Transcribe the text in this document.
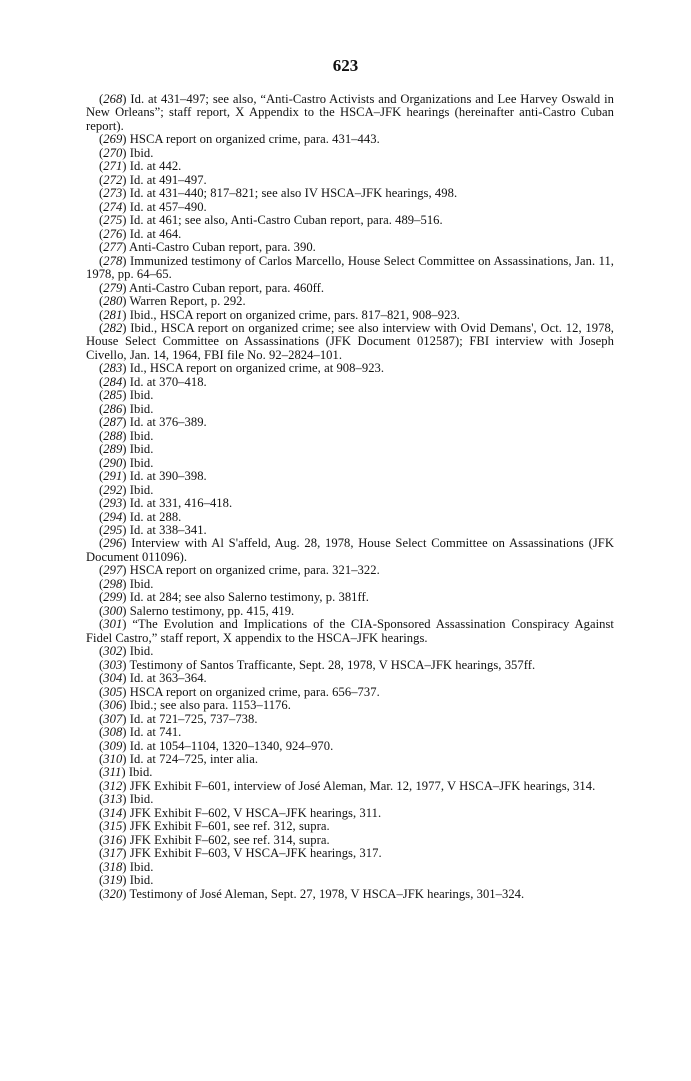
623

(268) Id. at 431–497; see also, “Anti-Castro Activists and Organizations and Lee Harvey Oswald in New Orleans”; staff report, X Appendix to the HSCA–JFK hearings (hereinafter anti-Castro Cuban report).

(269) HSCA report on organized crime, para. 431–443.

(270) Ibid.

(271) Id. at 442.

(272) Id. at 491–497.

(273) Id. at 431–440; 817–821; see also IV HSCA–JFK hearings, 498.

(274) Id. at 457–490.

(275) Id. at 461; see also, Anti-Castro Cuban report, para. 489–516.

(276) Id. at 464.

(277) Anti-Castro Cuban report, para. 390.

(278) Immunized testimony of Carlos Marcello, House Select Committee on Assassinations, Jan. 11, 1978, pp. 64–65.

(279) Anti-Castro Cuban report, para. 460ff.

(280) Warren Report, p. 292.

(281) Ibid., HSCA report on organized crime, pars. 817–821, 908–923.

(282) Ibid., HSCA report on organized crime; see also interview with Ovid Demans', Oct. 12, 1978, House Select Committee on Assassinations (JFK Document 012587); FBI interview with Joseph Civello, Jan. 14, 1964, FBI file No. 92–2824–101.

(283) Id., HSCA report on organized crime, at 908–923.

(284) Id. at 370–418.

(285) Ibid.

(286) Ibid.

(287) Id. at 376–389.

(288) Ibid.

(289) Ibid.

(290) Ibid.

(291) Id. at 390–398.

(292) Ibid.

(293) Id. at 331, 416–418.

(294) Id. at 288.

(295) Id. at 338–341.

(296) Interview with Al S'affeld, Aug. 28, 1978, House Select Committee on Assassinations (JFK Document 011096).

(297) HSCA report on organized crime, para. 321–322.

(298) Ibid.

(299) Id. at 284; see also Salerno testimony, p. 381ff.

(300) Salerno testimony, pp. 415, 419.

(301) “The Evolution and Implications of the CIA-Sponsored Assassination Conspiracy Against Fidel Castro,” staff report, X appendix to the HSCA–JFK hearings.

(302) Ibid.

(303) Testimony of Santos Trafficante, Sept. 28, 1978, V HSCA–JFK hearings, 357ff.

(304) Id. at 363–364.

(305) HSCA report on organized crime, para. 656–737.

(306) Ibid.; see also para. 1153–1176.

(307) Id. at 721–725, 737–738.

(308) Id. at 741.

(309) Id. at 1054–1104, 1320–1340, 924–970.

(310) Id. at 724–725, inter alia.

(311) Ibid.

(312) JFK Exhibit F–601, interview of José Aleman, Mar. 12, 1977, V HSCA–JFK hearings, 314.

(313) Ibid.

(314) JFK Exhibit F–602, V HSCA–JFK hearings, 311.

(315) JFK Exhibit F–601, see ref. 312, supra.

(316) JFK Exhibit F–602, see ref. 314, supra.

(317) JFK Exhibit F–603, V HSCA–JFK hearings, 317.

(318) Ibid.

(319) Ibid.

(320) Testimony of José Aleman, Sept. 27, 1978, V HSCA–JFK hearings, 301–324.
